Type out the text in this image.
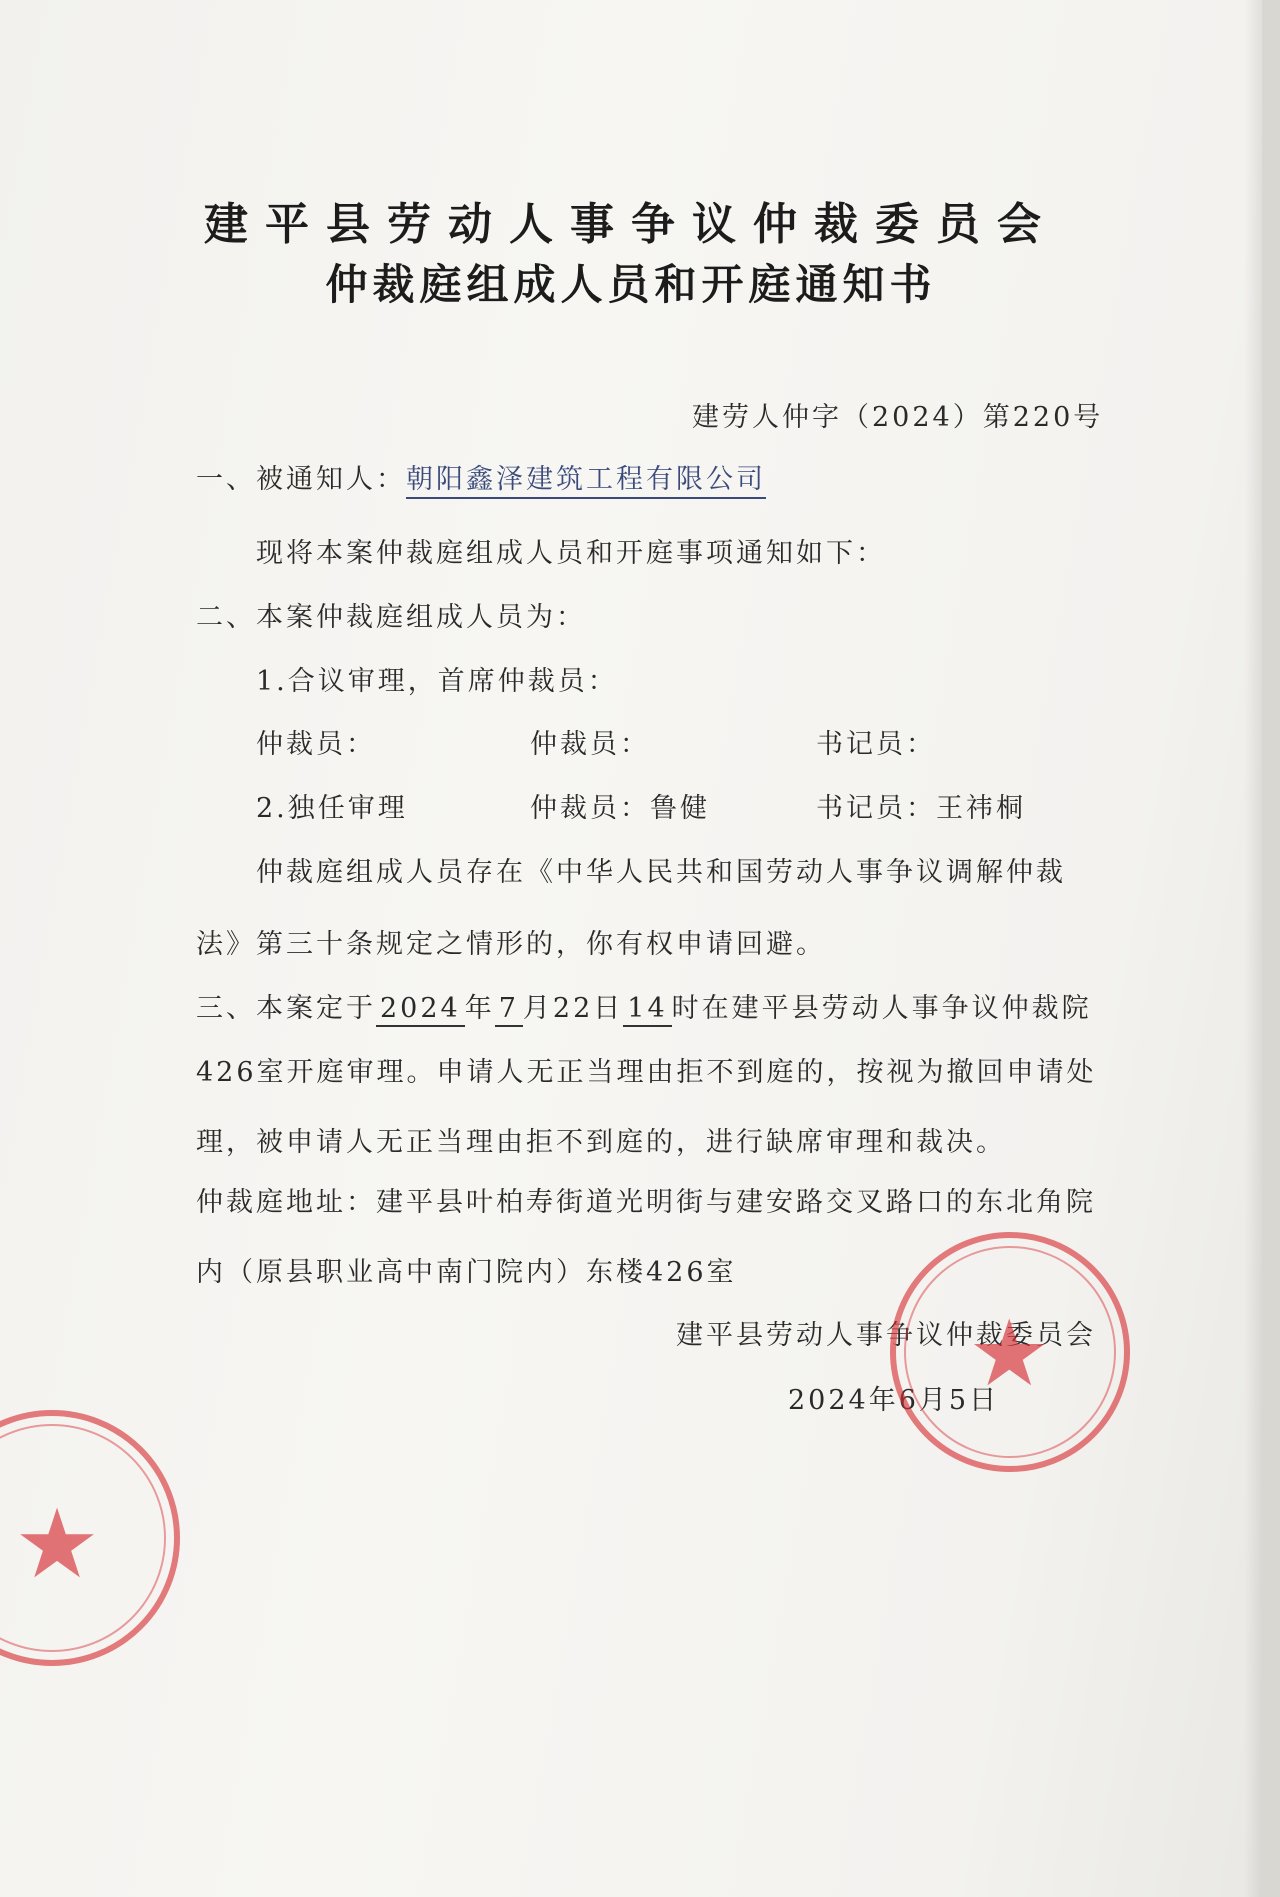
建平县劳动人事争议仲裁委员会
仲裁庭组成人员和开庭通知书
建劳人仲字（2024）第220号
一、被通知人：朝阳鑫泽建筑工程有限公司
现将本案仲裁庭组成人员和开庭事项通知如下：
二、本案仲裁庭组成人员为：
1.合议审理，首席仲裁员：
仲裁员：	仲裁员：	书记员：
2.独任审理	仲裁员：鲁健	书记员：王祎桐
仲裁庭组成人员存在《中华人民共和国劳动人事争议调解仲裁
法》第三十条规定之情形的，你有权申请回避。
三、本案定于 2024 年 7 月22日 14 时在建平县劳动人事争议仲裁院
426室开庭审理。申请人无正当理由拒不到庭的，按视为撤回申请处
理，被申请人无正当理由拒不到庭的，进行缺席审理和裁决。
仲裁庭地址：建平县叶柏寿街道光明街与建安路交叉路口的东北角院
内（原县职业高中南门院内）东楼426室
建平县劳动人事争议仲裁委员会
2024年6月5日
★
★
